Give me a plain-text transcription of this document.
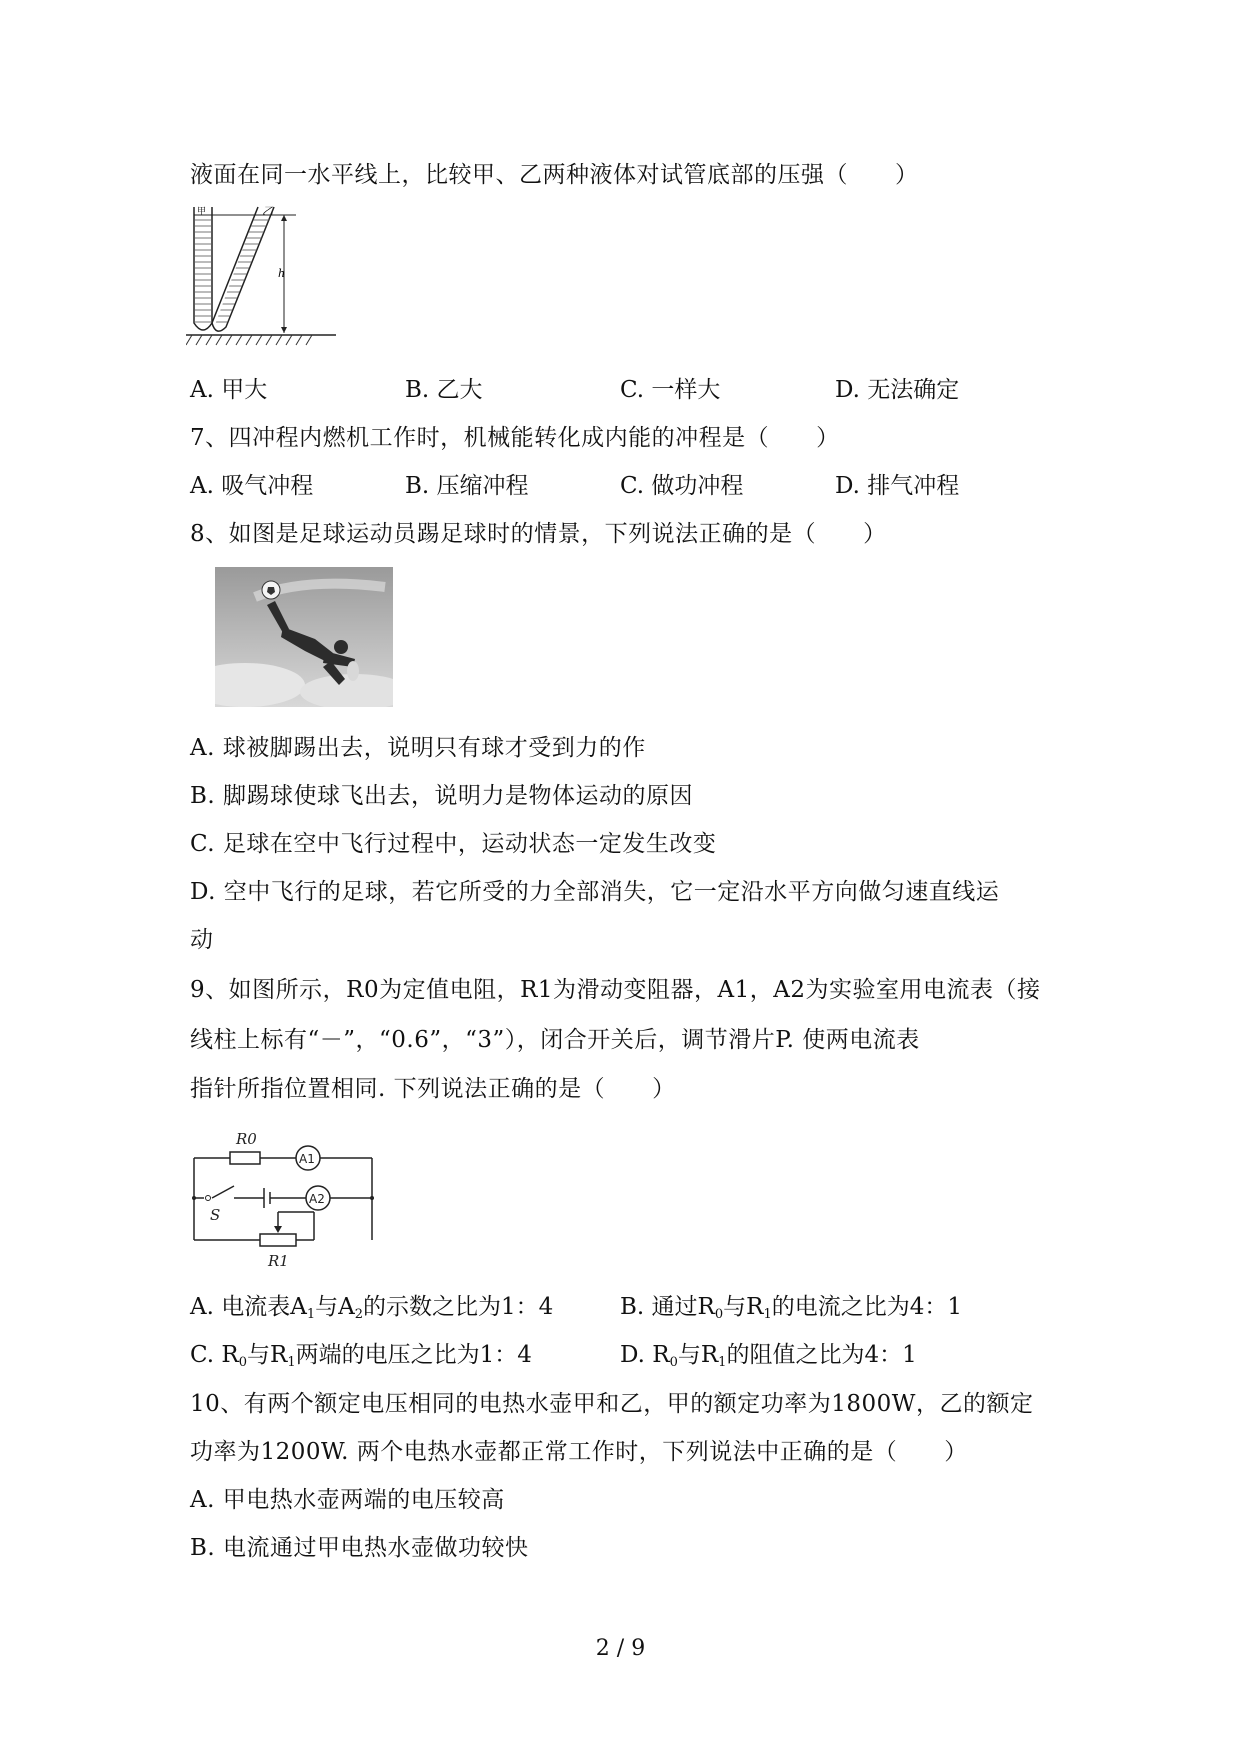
液面在同一水平线上，比较甲、乙两种液体对试管底部的压强（　　）
甲	乙
h
A. 甲大	B. 乙大	C. 一样大	D. 无法确定
7、四冲程内燃机工作时，机械能转化成内能的冲程是（　　）
A. 吸气冲程	B. 压缩冲程	C. 做功冲程	D. 排气冲程
8、如图是足球运动员踢足球时的情景，下列说法正确的是（　　）
A. 球被脚踢出去，说明只有球才受到力的作
B. 脚踢球使球飞出去，说明力是物体运动的原因
C. 足球在空中飞行过程中，运动状态一定发生改变
D. 空中飞行的足球，若它所受的力全部消失，它一定沿水平方向做匀速直线运
动
9、如图所示，R0为定值电阻，R1为滑动变阻器，A1，A2为实验室用电流表（接
线柱上标有“－”，“0.6”，“3”），闭合开关后，调节滑片P. 使两电流表
指针所指位置相同. 下列说法正确的是（　　）
R0
S
R1
A1
A2
A. 电流表$A_1$与$A_2$的示数之比为1：4	B. 通过$R_0$与$R_1$的电流之比为4：1
C. $R_0$与$R_1$两端的电压之比为1：4	D. $R_0$与$R_1$的阻值之比为4：1
10、有两个额定电压相同的电热水壶甲和乙，甲的额定功率为1800W，乙的额定
功率为1200W. 两个电热水壶都正常工作时，下列说法中正确的是（　　）
A. 甲电热水壶两端的电压较高
B. 电流通过甲电热水壶做功较快
2 / 9
